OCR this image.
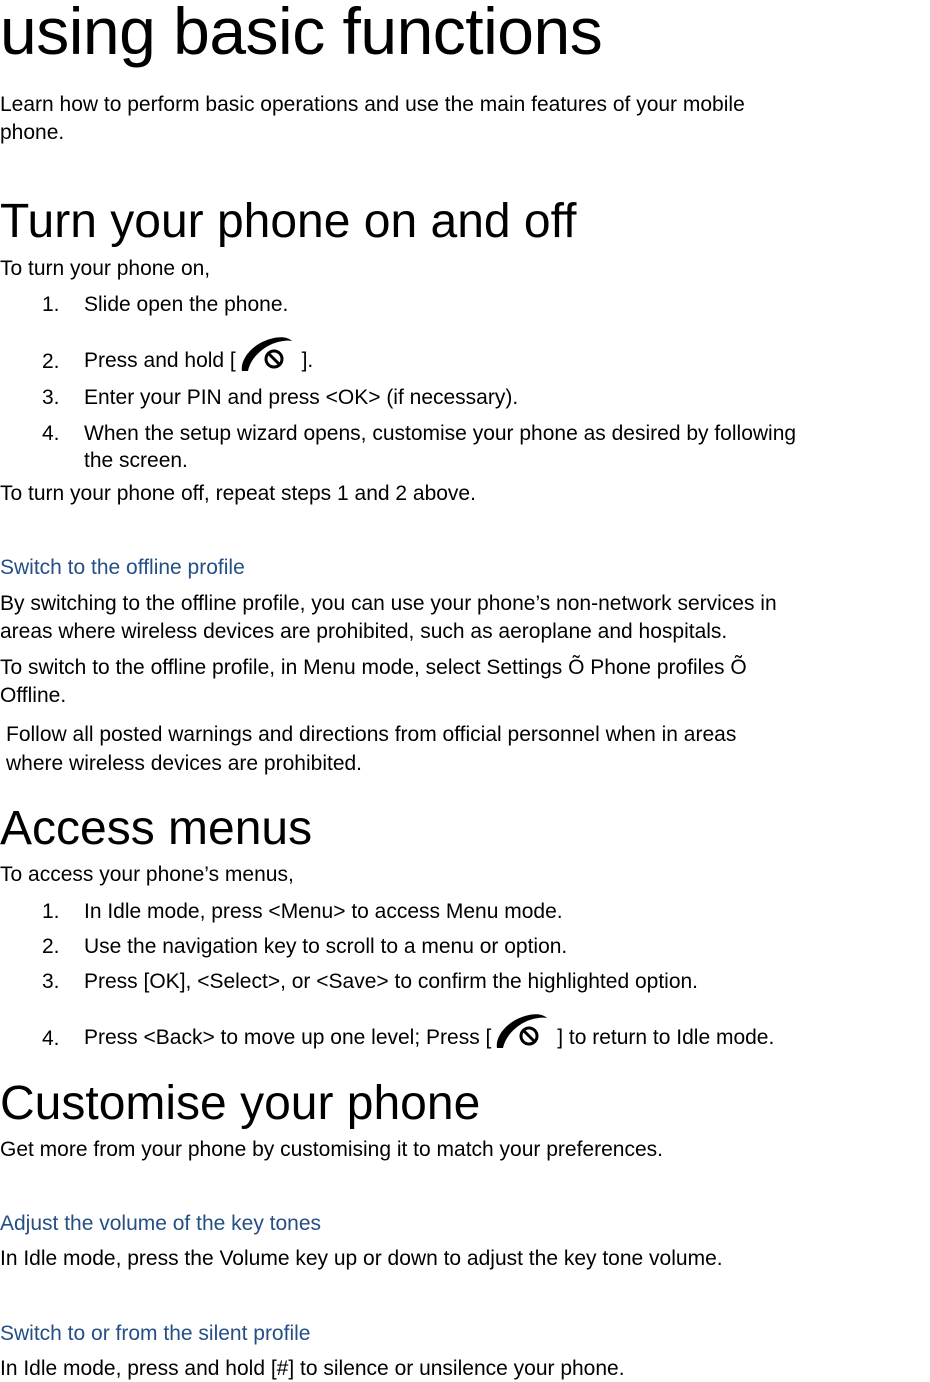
using basic functions
Learn how to perform basic operations and use the main features of your mobile
phone.
Turn your phone on and off
To turn your phone on,
1. Slide open the phone.
2. Press and hold [	].
3. Enter your PIN and press <OK> (if necessary).
4. When the setup wizard opens, customise your phone as desired by following
the screen.
To turn your phone off, repeat steps 1 and 2 above.
Switch to the offline profile
By switching to the offline profile, you can use your phone’s non-network services in
areas where wireless devices are prohibited, such as aeroplane and hospitals.
To switch to the offline profile, in Menu mode, select Settings Õ Phone profiles Õ
Offline.
Follow all posted warnings and directions from official personnel when in areas
where wireless devices are prohibited.
Access menus
To access your phone’s menus,
1. In Idle mode, press <Menu> to access Menu mode.
2. Use the navigation key to scroll to a menu or option.
3. Press [OK], <Select>, or <Save> to confirm the highlighted option.
4. Press <Back> to move up one level; Press [	] to return to Idle mode.
Customise your phone
Get more from your phone by customising it to match your preferences.
Adjust the volume of the key tones
In Idle mode, press the Volume key up or down to adjust the key tone volume.
Switch to or from the silent profile
In Idle mode, press and hold [#] to silence or unsilence your phone.
